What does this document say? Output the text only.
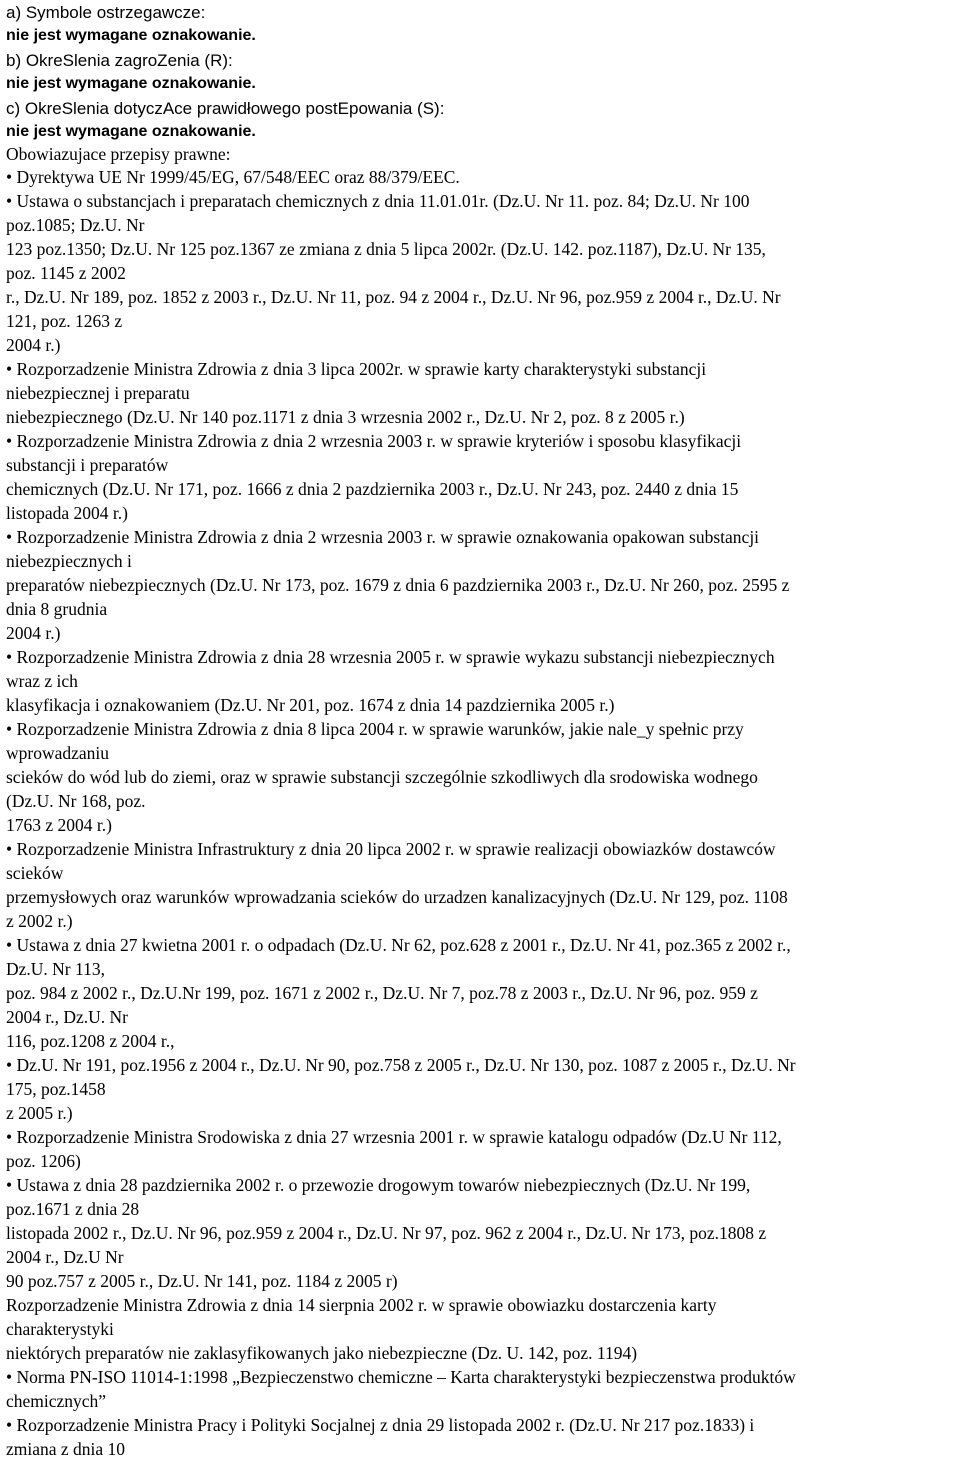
a) Symbole ostrzegawcze:
nie jest wymagane oznakowanie.
b) OkreSlenia zagroZenia (R):
nie jest wymagane oznakowanie.
c) OkreSlenia dotyczAce prawidłowego postEpowania (S):
nie jest wymagane oznakowanie.
Obowiazujace przepisy prawne:
• Dyrektywa UE Nr 1999/45/EG, 67/548/EEC oraz 88/379/EEC.
• Ustawa o substancjach i preparatach chemicznych z dnia 11.01.01r. (Dz.U. Nr 11. poz. 84; Dz.U. Nr 100
poz.1085; Dz.U. Nr
123 poz.1350; Dz.U. Nr 125 poz.1367 ze zmiana z dnia 5 lipca 2002r. (Dz.U. 142. poz.1187), Dz.U. Nr 135,
poz. 1145 z 2002
r., Dz.U. Nr 189, poz. 1852 z 2003 r., Dz.U. Nr 11, poz. 94 z 2004 r., Dz.U. Nr 96, poz.959 z 2004 r., Dz.U. Nr
121, poz. 1263 z
2004 r.)
• Rozporzadzenie Ministra Zdrowia z dnia 3 lipca 2002r. w sprawie karty charakterystyki substancji
niebezpiecznej i preparatu
niebezpiecznego (Dz.U. Nr 140 poz.1171 z dnia 3 wrzesnia 2002 r., Dz.U. Nr 2, poz. 8 z 2005 r.)
• Rozporzadzenie Ministra Zdrowia z dnia 2 wrzesnia 2003 r. w sprawie kryteriów i sposobu klasyfikacji
substancji i preparatów
chemicznych (Dz.U. Nr 171, poz. 1666 z dnia 2 pazdziernika 2003 r., Dz.U. Nr 243, poz. 2440 z dnia 15
listopada 2004 r.)
• Rozporzadzenie Ministra Zdrowia z dnia 2 wrzesnia 2003 r. w sprawie oznakowania opakowan substancji
niebezpiecznych i
preparatów niebezpiecznych (Dz.U. Nr 173, poz. 1679 z dnia 6 pazdziernika 2003 r., Dz.U. Nr 260, poz. 2595 z
dnia 8 grudnia
2004 r.)
• Rozporzadzenie Ministra Zdrowia z dnia 28 wrzesnia 2005 r. w sprawie wykazu substancji niebezpiecznych
wraz z ich
klasyfikacja i oznakowaniem (Dz.U. Nr 201, poz. 1674 z dnia 14 pazdziernika 2005 r.)
• Rozporzadzenie Ministra Zdrowia z dnia 8 lipca 2004 r. w sprawie warunków, jakie nale_y spełnic przy
wprowadzaniu
scieków do wód lub do ziemi, oraz w sprawie substancji szczególnie szkodliwych dla srodowiska wodnego
(Dz.U. Nr 168, poz.
1763 z 2004 r.)
• Rozporzadzenie Ministra Infrastruktury z dnia 20 lipca 2002 r. w sprawie realizacji obowiazków dostawców
scieków
przemysłowych oraz warunków wprowadzania scieków do urzadzen kanalizacyjnych (Dz.U. Nr 129, poz. 1108
z 2002 r.)
• Ustawa z dnia 27 kwietna 2001 r. o odpadach (Dz.U. Nr 62, poz.628 z 2001 r., Dz.U. Nr 41, poz.365 z 2002 r.,
Dz.U. Nr 113,
poz. 984 z 2002 r., Dz.U.Nr 199, poz. 1671 z 2002 r., Dz.U. Nr 7, poz.78 z 2003 r., Dz.U. Nr 96, poz. 959 z
2004 r., Dz.U. Nr
116, poz.1208 z 2004 r.,
• Dz.U. Nr 191, poz.1956 z 2004 r., Dz.U. Nr 90, poz.758 z 2005 r., Dz.U. Nr 130, poz. 1087 z 2005 r., Dz.U. Nr
175, poz.1458
z 2005 r.)
• Rozporzadzenie Ministra Srodowiska z dnia 27 wrzesnia 2001 r. w sprawie katalogu odpadów (Dz.U Nr 112,
poz. 1206)
• Ustawa z dnia 28 pazdziernika 2002 r. o przewozie drogowym towarów niebezpiecznych (Dz.U. Nr 199,
poz.1671 z dnia 28
listopada 2002 r., Dz.U. Nr 96, poz.959 z 2004 r., Dz.U. Nr 97, poz. 962 z 2004 r., Dz.U. Nr 173, poz.1808 z
2004 r., Dz.U Nr
90 poz.757 z 2005 r., Dz.U. Nr 141, poz. 1184 z 2005 r)
Rozporzadzenie Ministra Zdrowia z dnia 14 sierpnia 2002 r. w sprawie obowiazku dostarczenia karty
charakterystyki
niektórych preparatów nie zaklasyfikowanych jako niebezpieczne (Dz. U. 142, poz. 1194)
• Norma PN-ISO 11014-1:1998 „Bezpieczenstwo chemiczne – Karta charakterystyki bezpieczenstwa produktów
chemicznych”
• Rozporzadzenie Ministra Pracy i Polityki Socjalnej z dnia 29 listopada 2002 r. (Dz.U. Nr 217 poz.1833) i
zmiana z dnia 10
